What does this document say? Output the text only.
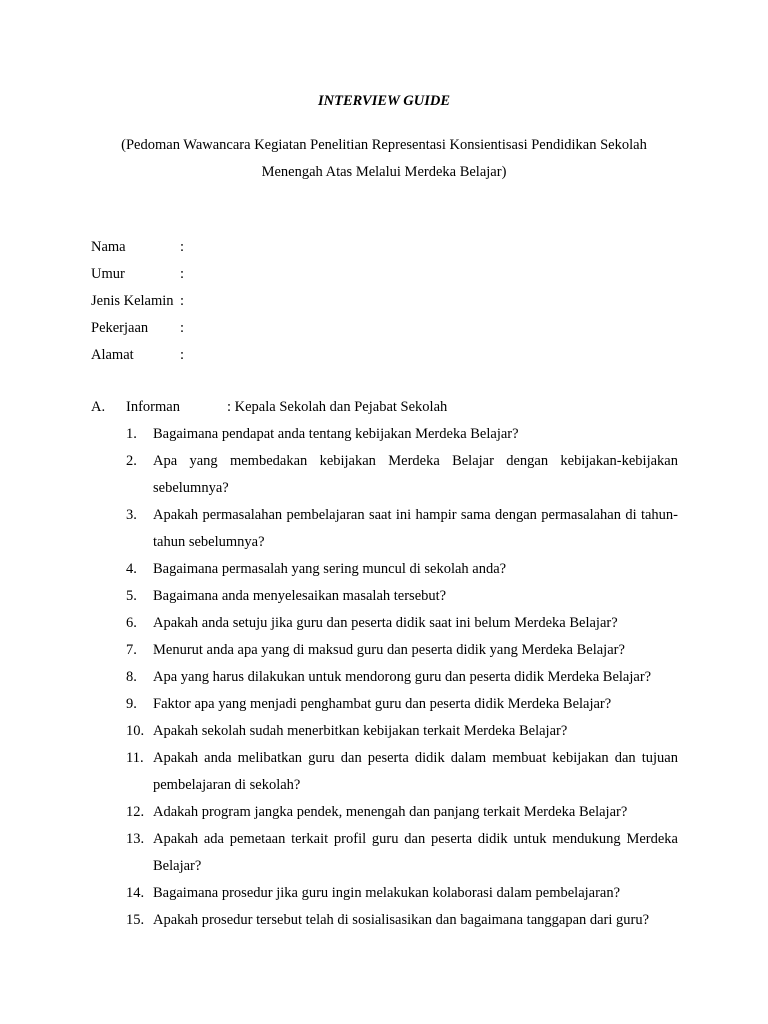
INTERVIEW GUIDE
(Pedoman Wawancara Kegiatan Penelitian Representasi Konsientisasi Pendidikan Sekolah
Menengah Atas Melalui Merdeka Belajar)
Nama	:
Umur	:
Jenis Kelamin :
Pekerjaan :
Alamat	:
A. Informan	: Kepala Sekolah dan Pejabat Sekolah
1. Bagaimana pendapat anda tentang kebijakan Merdeka Belajar?
2. Apa yang membedakan kebijakan Merdeka Belajar dengan kebijakan-kebijakan sebelumnya?
3. Apakah permasalahan pembelajaran saat ini hampir sama dengan permasalahan di tahun-tahun sebelumnya?
4. Bagaimana permasalah yang sering muncul di sekolah anda?
5. Bagaimana anda menyelesaikan masalah tersebut?
6. Apakah anda setuju jika guru dan peserta didik saat ini belum Merdeka Belajar?
7. Menurut anda apa yang di maksud guru dan peserta didik yang Merdeka Belajar?
8. Apa yang harus dilakukan untuk mendorong guru dan peserta didik Merdeka Belajar?
9. Faktor apa yang menjadi penghambat guru dan peserta didik Merdeka Belajar?
10. Apakah sekolah sudah menerbitkan kebijakan terkait Merdeka Belajar?
11. Apakah anda melibatkan guru dan peserta didik dalam membuat kebijakan dan tujuan pembelajaran di sekolah?
12. Adakah program jangka pendek, menengah dan panjang terkait Merdeka Belajar?
13. Apakah ada pemetaan terkait profil guru dan peserta didik untuk mendukung Merdeka Belajar?
14. Bagaimana prosedur jika guru ingin melakukan kolaborasi dalam pembelajaran?
15. Apakah prosedur tersebut telah di sosialisasikan dan bagaimana tanggapan dari guru?
